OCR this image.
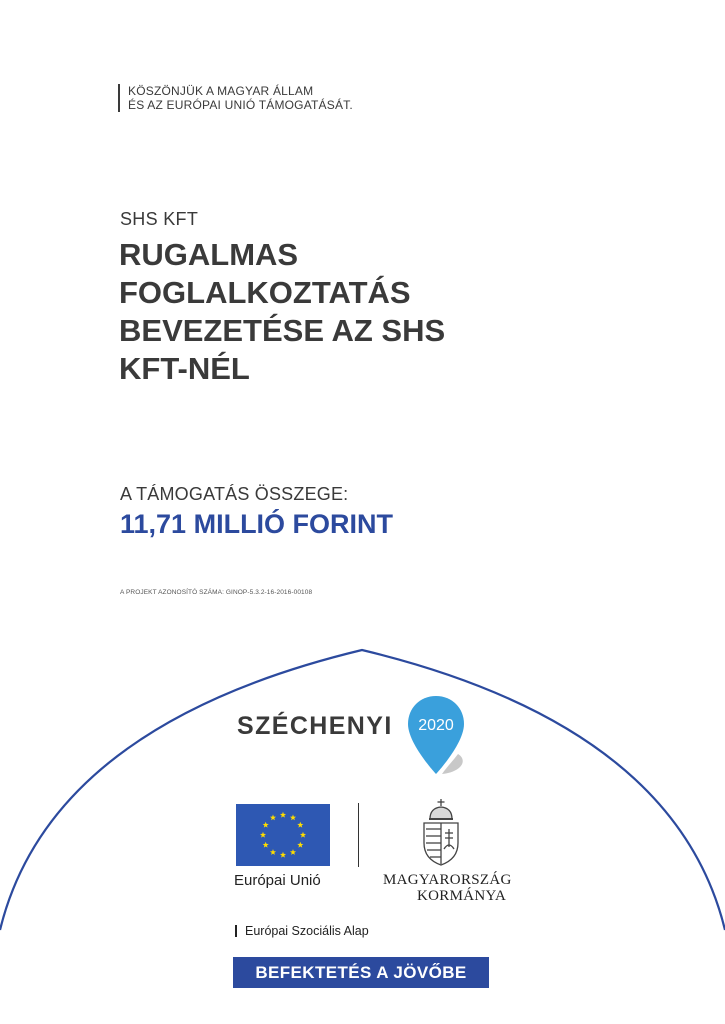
KÖSZÖNJÜK A MAGYAR ÁLLAM
ÉS AZ EURÓPAI UNIÓ TÁMOGATÁSÁT.
SHS KFT
RUGALMAS
FOGLALKOZTATÁS
BEVEZETÉSE AZ SHS
KFT-NÉL
A TÁMOGATÁS ÖSSZEGE:
11,71 MILLIÓ FORINT
A PROJEKT AZONOSÍTÓ SZÁMA: GINOP-5.3.2-16-2016-00108
SZÉCHENYI 2020
Európai Unió	MAGYARORSZÁG
KORMÁNYA
Európai Szociális Alap
BEFEKTETÉS A JÖVŐBE
